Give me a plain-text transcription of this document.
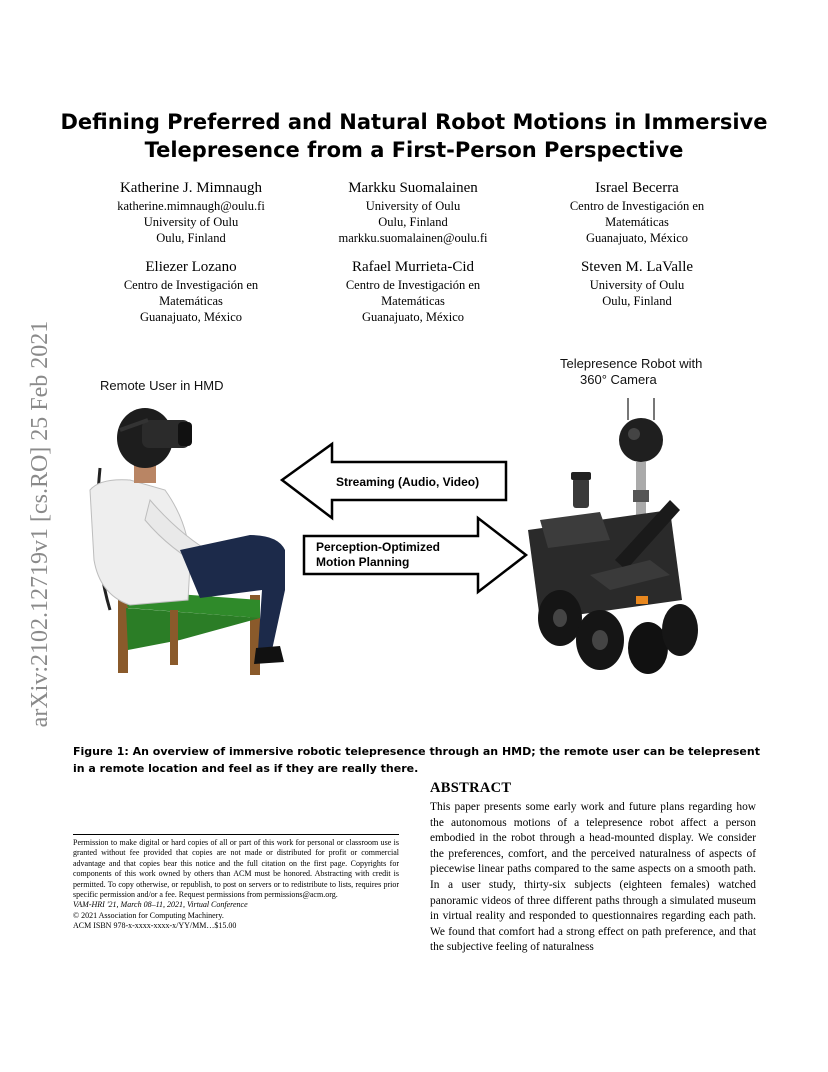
Defining Preferred and Natural Robot Motions in Immersive Telepresence from a First-Person Perspective
Katherine J. Mimnaugh
katherine.mimnaugh@oulu.fi
University of Oulu
Oulu, Finland
Markku Suomalainen
University of Oulu
Oulu, Finland
markku.suomalainen@oulu.fi
Israel Becerra
Centro de Investigación en
Matemáticas
Guanajuato, México
Eliezer Lozano
Centro de Investigación en
Matemáticas
Guanajuato, México
Rafael Murrieta-Cid
Centro de Investigación en
Matemáticas
Guanajuato, México
Steven M. LaValle
University of Oulu
Oulu, Finland
arXiv:2102.12719v1 [cs.RO] 25 Feb 2021	Remote User in HMD
Streaming (Audio, Video)
Perception-Optimized
Motion Planning
Telepresence Robot with
360° Camera
Figure 1: An overview of immersive robotic telepresence through an HMD; the remote user can be telepresent in a remote location and feel as if they are really there.
ABSTRACT
This paper presents some early work and future plans regarding how the autonomous motions of a telepresence robot affect a person embodied in the robot through a head-mounted display. We consider the preferences, comfort, and the perceived naturalness of aspects of piecewise linear paths compared to the same aspects on a smooth path. In a user study, thirty-six subjects (eighteen females) watched panoramic videos of three different paths through a simulated museum in virtual reality and responded to questionnaires regarding each path. We found that comfort had a strong effect on path preference, and that the subjective feeling of naturalness
Permission to make digital or hard copies of all or part of this work for personal or classroom use is granted without fee provided that copies are not made or distributed for profit or commercial advantage and that copies bear this notice and the full citation on the first page. Copyrights for components of this work owned by others than ACM must be honored. Abstracting with credit is permitted. To copy otherwise, or republish, to post on servers or to redistribute to lists, requires prior specific permission and/or a fee. Request permissions from permissions@acm.org.
VAM-HRI '21, March 08–11, 2021, Virtual Conference
© 2021 Association for Computing Machinery.
ACM ISBN 978-x-xxxx-xxxx-x/YY/MM…$15.00
